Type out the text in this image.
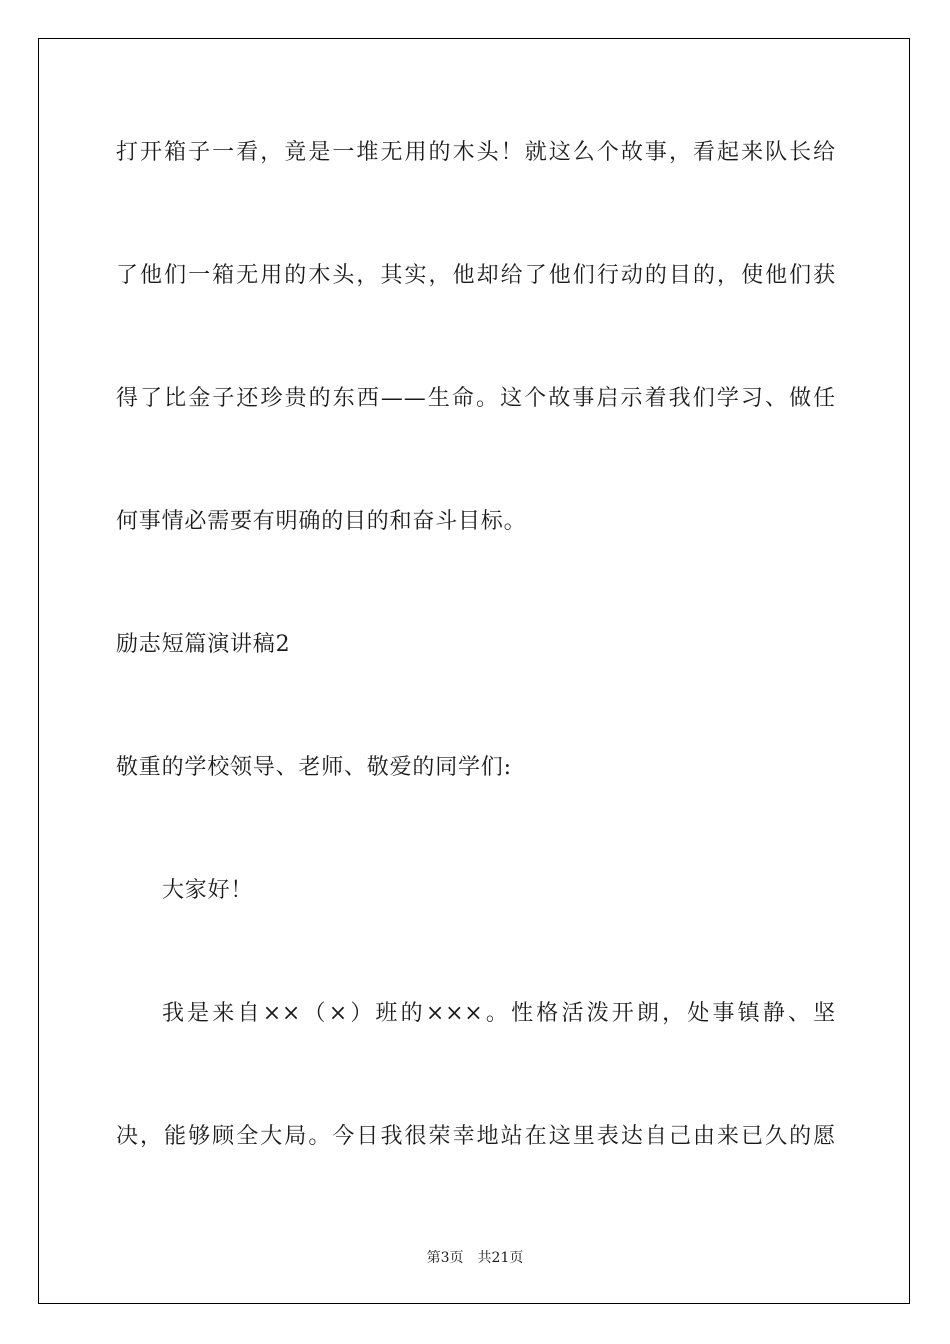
打开箱子一看，竟是一堆无用的木头！就这么个故事，看起来队长给
了他们一箱无用的木头，其实，他却给了他们行动的目的，使他们获
得了比金子还珍贵的东西——生命。这个故事启示着我们学习、做任
何事情必需要有明确的目的和奋斗目标。
励志短篇演讲稿2
敬重的学校领导、老师、敬爱的同学们:
大家好！
我是来自××（×）班的×××。性格活泼开朗，处事镇静、坚
决，能够顾全大局。今日我很荣幸地站在这里表达自己由来已久的愿
第3页 共21页
